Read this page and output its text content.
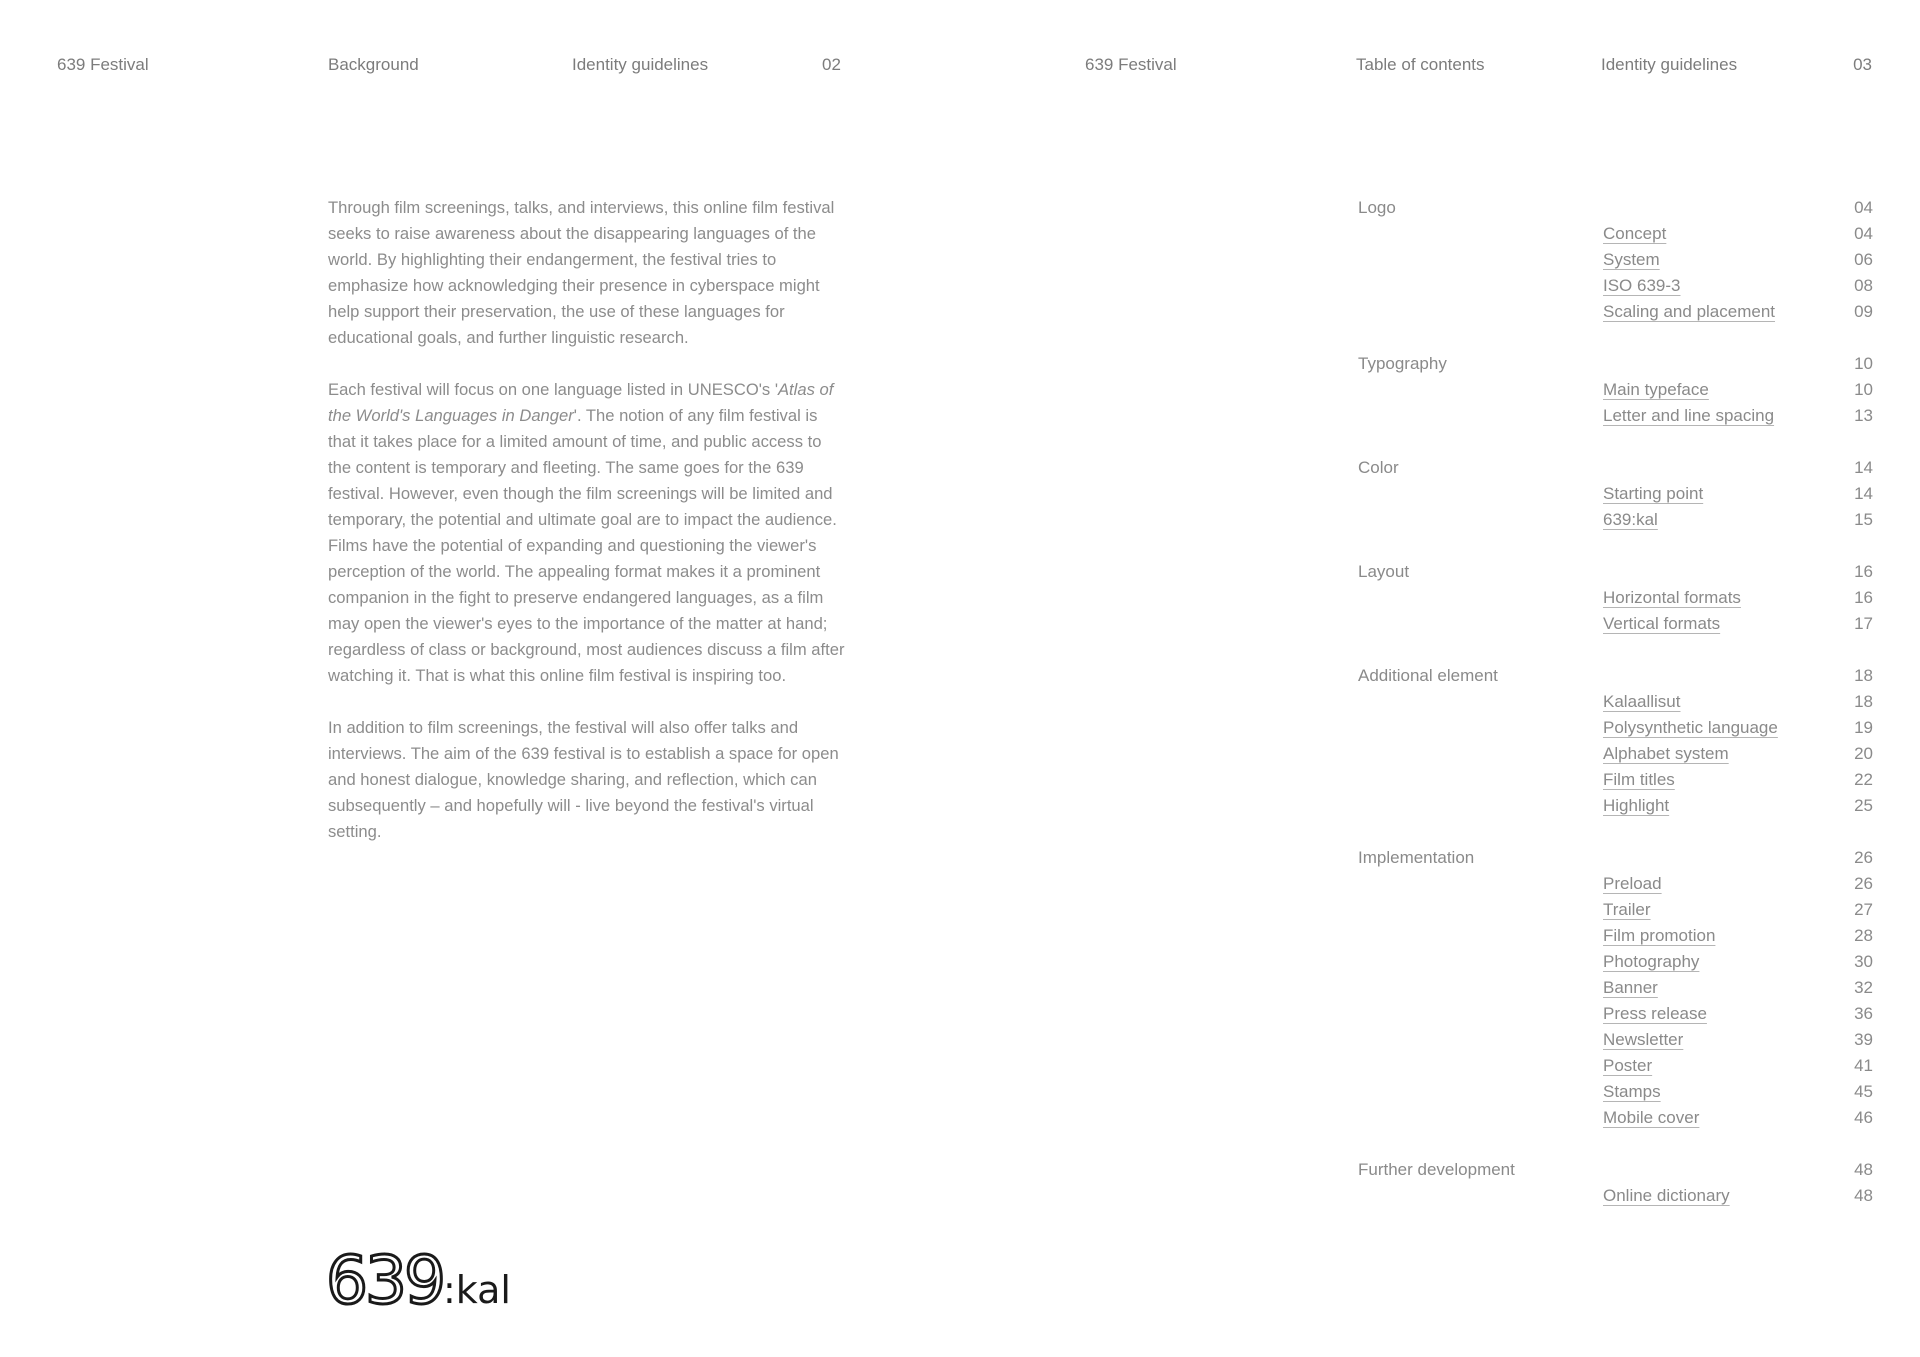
639 Festival	Background	Identity guidelines	02	639 Festival	Table of contents	Identity guidelines	03

Through film screenings, talks, and interviews, this online film festival seeks to raise awareness about the disappearing languages of the world. By highlighting their endangerment, the festival tries to emphasize how acknowledging their presence in cyberspace might help support their preservation, the use of these languages for educational goals, and further linguistic research.

Each festival will focus on one language listed in UNESCO's 'Atlas of the World's Languages in Danger'. The notion of any film festival is that it takes place for a limited amount of time, and public access to the content is temporary and fleeting. The same goes for the 639 festival. However, even though the film screenings will be limited and temporary, the potential and ultimate goal are to impact the audience. Films have the potential of expanding and questioning the viewer's perception of the world. The appealing format makes it a prominent companion in the fight to preserve endangered languages, as a film may open the viewer's eyes to the importance of the matter at hand; regardless of class or background, most audiences discuss a film after watching it. That is what this online film festival is inspiring too.

In addition to film screenings, the festival will also offer talks and interviews. The aim of the 639 festival is to establish a space for open and honest dialogue, knowledge sharing, and reflection, which can subsequently – and hopefully will - live beyond the festival's virtual setting.

Logo	04
Concept	04
System	06
ISO 639-3	08
Scaling and placement	09
Typography	10
Main typeface	10
Letter and line spacing	13
Color	14
Starting point	14
639:kal	15
Layout	16
Horizontal formats	16
Vertical formats	17
Additional element	18
Kalaallisut	18
Polysynthetic language	19
Alphabet system	20
Film titles	22
Highlight	25
Implementation	26
Preload	26
Trailer	27
Film promotion	28
Photography	30
Banner	32
Press release	36
Newsletter	39
Poster	41
Stamps	45
Mobile cover	46
Further development	48
Online dictionary	48
639:kal
